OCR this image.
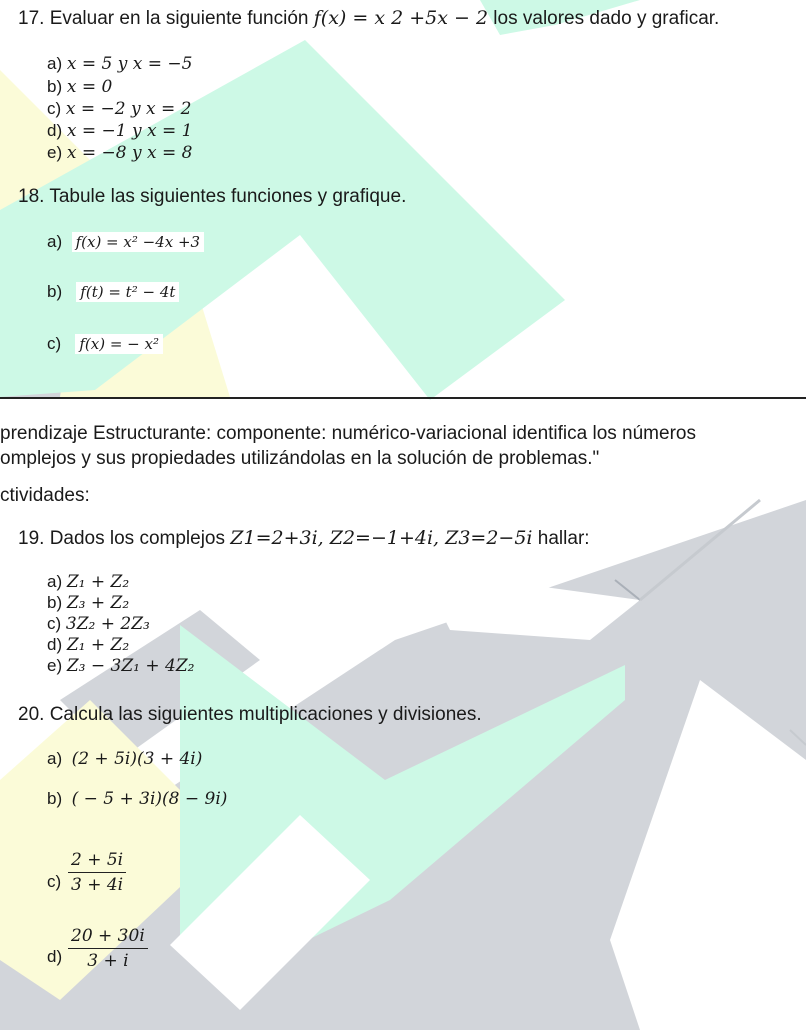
17. Evaluar en la siguiente función f(x) = x 2 +5x − 2 los valores dado y graficar.
a) x = 5 y x = −5
b) x = 0
c) x = −2 y x = 2
d) x = −1 y x = 1
e) x = −8 y x = 8
18. Tabule las siguientes funciones y grafique.
a) f(x) = x² −4x +3
b) f(t) = t² − 4t
c) f(x) = − x²
prendizaje Estructurante: componente: numérico-variacional identifica los números
omplejos y sus propiedades utilizándolas en la solución de problemas."
ctividades:
19. Dados los complejos Z1=2+3i, Z2=−1+4i, Z3=2−5i hallar:
a) Z₁ + Z₂
b) Z₃ + Z₂
c) 3Z₂ + 2Z₃
d) Z₁ + Z₂
e) Z₃ − 3Z₁ + 4Z₂
20. Calcula las siguientes multiplicaciones y divisiones.
a) (2 + 5i)(3 + 4i)
b) ( − 5 + 3i)(8 − 9i)
$c) \frac{2 + 5i}{3 + 4i}$
$d) \frac{20 + 30i}{3 + i}$
